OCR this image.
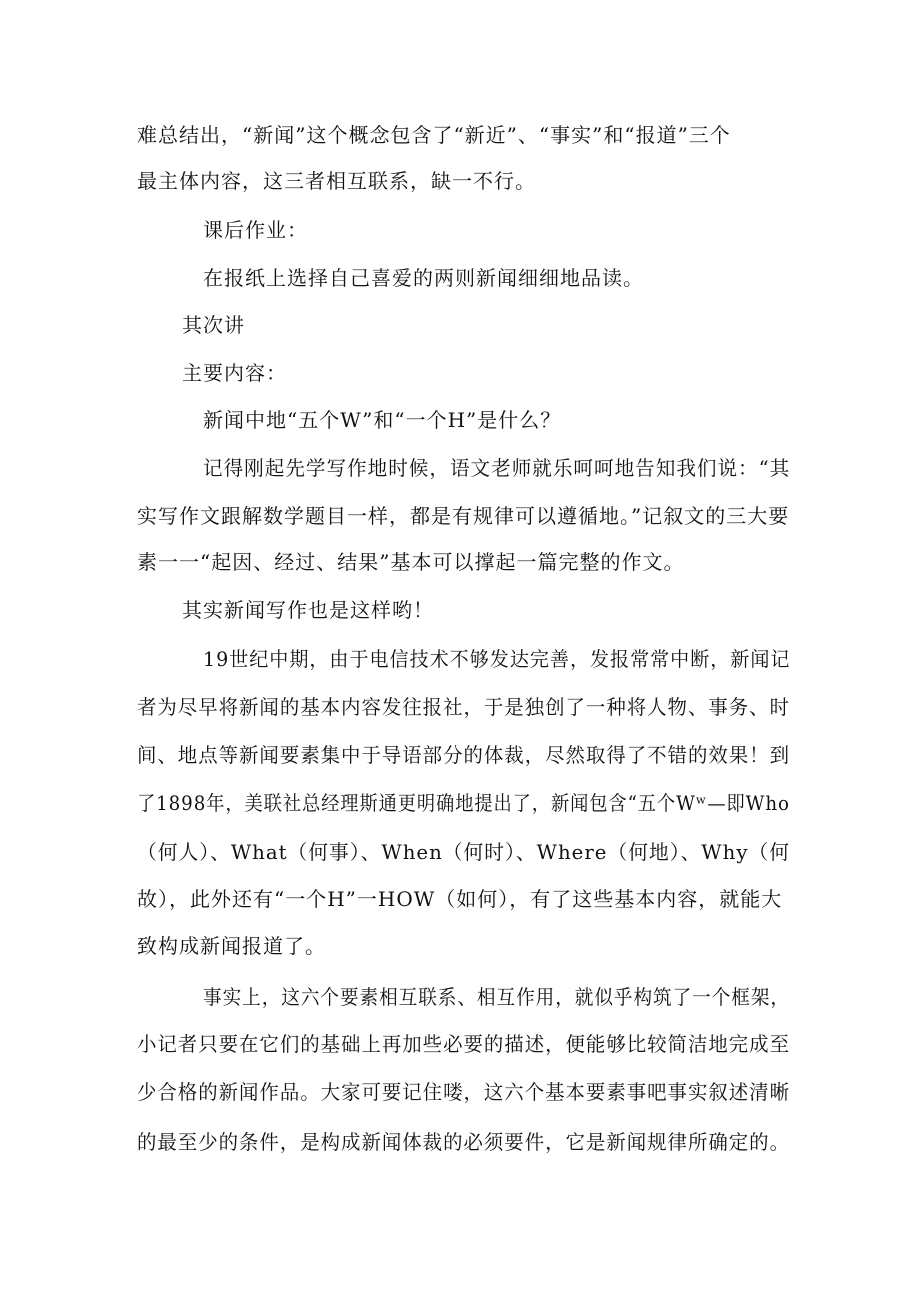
难总结出，“新闻”这个概念包含了“新近”、“事实”和“报道”三个
最主体内容，这三者相互联系，缺一不行。
课后作业：
在报纸上选择自己喜爱的两则新闻细细地品读。
其次讲
主要内容：
新闻中地“五个W”和“一个H”是什么？
记得刚起先学写作地时候，语文老师就乐呵呵地告知我们说：“其
实写作文跟解数学题目一样，都是有规律可以遵循地。”记叙文的三大要
素一一“起因、经过、结果”基本可以撑起一篇完整的作文。
其实新闻写作也是这样哟！
19世纪中期，由于电信技术不够发达完善，发报常常中断，新闻记
者为尽早将新闻的基本内容发往报社，于是独创了一种将人物、事务、时
间、地点等新闻要素集中于导语部分的体裁，尽然取得了不错的效果！到
了1898年，美联社总经理斯通更明确地提出了，新闻包含“五个Wʷ—即Who
（何人）、What（何事）、When（何时）、Where（何地）、Why（何
故），此外还有“一个H”一HOW（如何），有了这些基本内容，就能大
致构成新闻报道了。
事实上，这六个要素相互联系、相互作用，就似乎构筑了一个框架，
小记者只要在它们的基础上再加些必要的描述，便能够比较简洁地完成至
少合格的新闻作品。大家可要记住喽，这六个基本要素事吧事实叙述清晰
的最至少的条件，是构成新闻体裁的必须要件，它是新闻规律所确定的。
